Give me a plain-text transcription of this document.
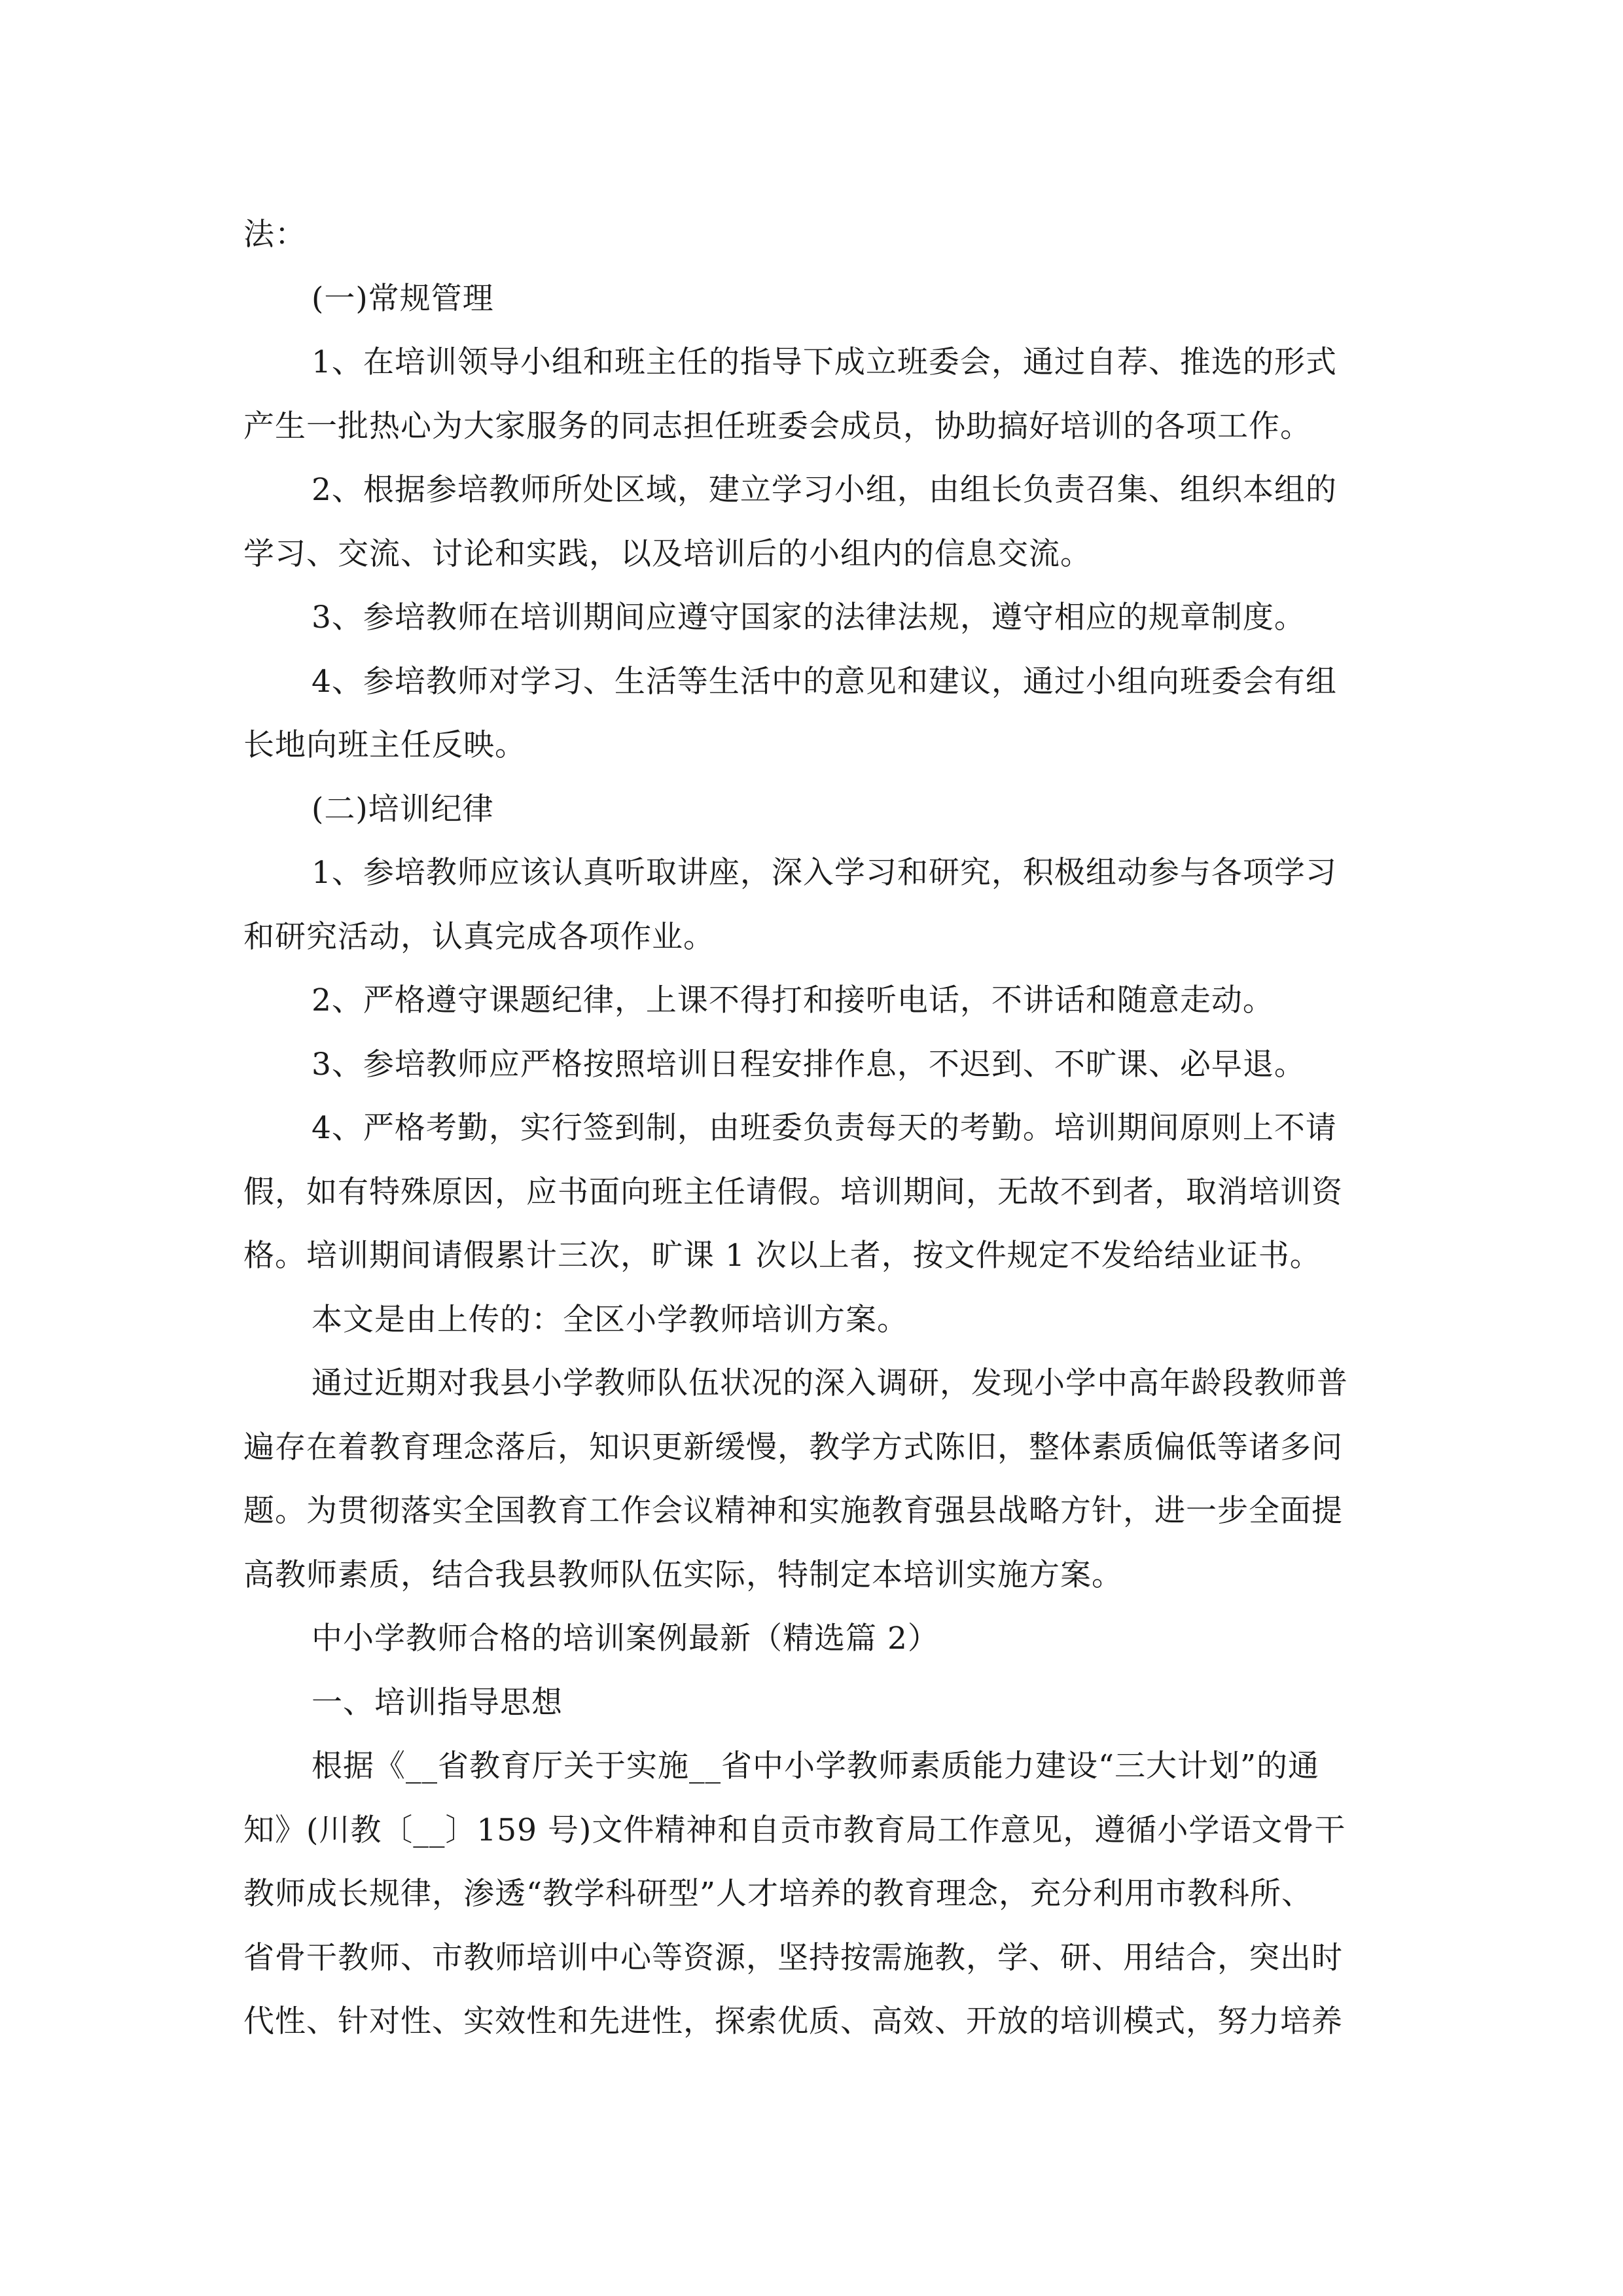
法：
(一)常规管理
1、在培训领导小组和班主任的指导下成立班委会，通过自荐、推选的形式
产生一批热心为大家服务的同志担任班委会成员，协助搞好培训的各项工作。
2、根据参培教师所处区域，建立学习小组，由组长负责召集、组织本组的
学习、交流、讨论和实践，以及培训后的小组内的信息交流。
3、参培教师在培训期间应遵守国家的法律法规，遵守相应的规章制度。
4、参培教师对学习、生活等生活中的意见和建议，通过小组向班委会有组
长地向班主任反映。
(二)培训纪律
1、参培教师应该认真听取讲座，深入学习和研究，积极组动参与各项学习
和研究活动，认真完成各项作业。
2、严格遵守课题纪律，上课不得打和接听电话，不讲话和随意走动。
3、参培教师应严格按照培训日程安排作息，不迟到、不旷课、必早退。
4、严格考勤，实行签到制，由班委负责每天的考勤。培训期间原则上不请
假，如有特殊原因，应书面向班主任请假。培训期间，无故不到者，取消培训资
格。培训期间请假累计三次，旷课 1 次以上者，按文件规定不发给结业证书。
本文是由上传的：全区小学教师培训方案。
通过近期对我县小学教师队伍状况的深入调研，发现小学中高年龄段教师普
遍存在着教育理念落后，知识更新缓慢，教学方式陈旧，整体素质偏低等诸多问
题。为贯彻落实全国教育工作会议精神和实施教育强县战略方针，进一步全面提
高教师素质，结合我县教师队伍实际，特制定本培训实施方案。
中小学教师合格的培训案例最新（精选篇 2）
一、培训指导思想
根据《__省教育厅关于实施__省中小学教师素质能力建设“三大计划”的通
知》(川教〔__〕159 号)文件精神和自贡市教育局工作意见，遵循小学语文骨干
教师成长规律，渗透“教学科研型”人才培养的教育理念，充分利用市教科所、
省骨干教师、市教师培训中心等资源，坚持按需施教，学、研、用结合，突出时
代性、针对性、实效性和先进性，探索优质、高效、开放的培训模式，努力培养
